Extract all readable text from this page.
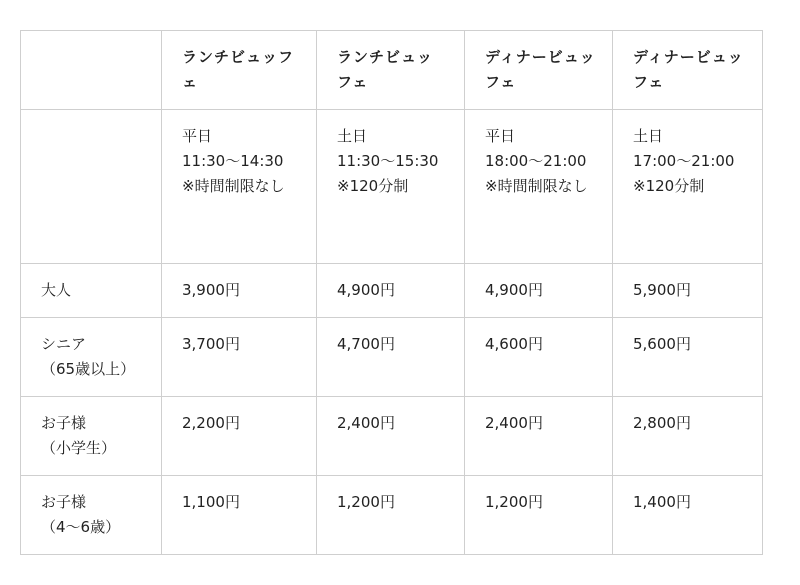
	ランチビュッフェ	ランチビュッフェ	ディナービュッフェ	ディナービュッフェ

	平日
11:30〜14:30
※時間制限なし	土日
11:30〜15:30
※120分制	平日
18:00〜21:00
※時間制限なし	土日
17:00〜21:00
※120分制

大人	3,900円	4,900円	4,900円	5,900円

シニア
（65歳以上）	3,700円	4,700円	4,600円	5,600円

お子様
（小学生）	2,200円	2,400円	2,400円	2,800円

お子様
（4〜6歳）	1,100円	1,200円	1,200円	1,400円
